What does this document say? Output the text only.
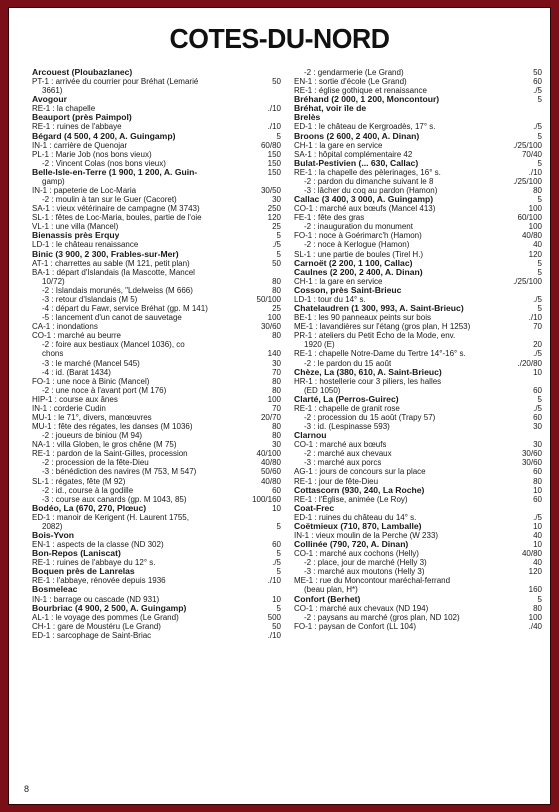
COTES-DU-NORD
Arcouest (Ploubazlanec)
PT-1 : arrivée du courrier pour Bréhat (Lemarié	50
3661)
Avogour
RE-1 : la chapelle	./10
Beauport (près Paimpol)
RE-1 : ruines de l'abbaye	./10
Bégard (4 500, 4 200, A. Guingamp)	5
IN-1 : carrière de Quenojar	60/80
PL-1 : Marie Job (nos bons vieux)	150
-2 : Vincent Colas (nos bons vieux)	150
Belle-Isle-en-Terre (1 900, 1 200, A. Guin-	150
gamp)
IN-1 : papeterie de Loc-Maria	30/50
-2 : moulin à tan sur le Guer (Cacoret)	30
SA-1 : vieux vétérinaire de campagne (M 3743)	250
SL-1 : fêtes de Loc-Maria, boules, partie de l'oie	120
VL-1 : une villa (Mancel)	25
Bienassis près Erquy	5
LD-1 : le château renaissance	./5
Binic (3 900, 2 300, Frables-sur-Mer)	5
AT-1 : charrettes au sable (M 121, petit plan)	50
BA-1 : départ d'Islandais (la Mascotte, Mancel
10/72)	80
-2 : Islandais morunés, "Ldelweiss (M 666)	80
-3 : retour d'Islandais (M 5)	50/100
-4 : départ du Fawr, service Bréhat (gp. M 141)	25
-5 : lancement d'un canot de sauvetage	100
CA-1 : inondations	30/60
CO-1 : marché au beurre	80
-2 : foire aux bestiaux (Mancel 1036), co
chons	140
-3 : le marché (Mancel 545)	30
-4 : id. (Barat 1434)	70
FO-1 : une noce à Binic (Mancel)	80
-2 : une noce à l'avant port (M 176)	80
HIP-1 : course aux ânes	100
IN-1 : corderie Cudin	70
MU-1 : le 71°, divers, manœuvres	20/70
MU-1 : fête des régates, les danses (M 1036)	80
-2 : joueurs de biniou (M 94)	80
NA-1 : villa Globen, le gros chêne (M 75)	30
RE-1 : pardon de la Saint-Gilles, procession	40/100
-2 : procession de la fête-Dieu	40/80
-3 : bénédiction des navires (M 753, M 547)	50/60
SL-1 : régates, fête (M 92)	40/80
-2 : id., course à la godille	60
-3 : course aux canards (gp. M 1043, 85)	100/160
Bodéo, La (670, 270, Plœuc)	10
ED-1 : manoir de Kerigent (H. Laurent 1755,
2082)	5
Bois-Yvon
EN-1 : aspects de la classe (ND 302)	60
Bon-Repos (Laniscat)	5
RE-1 : ruines de l'abbaye du 12° s.	./5
Boquen près de Lanrelas	5
RE-1 : l'abbaye, rénovée depuis 1936	./10
Bosmeleac
IN-1 : barrage ou cascade (ND 931)	10
Bourbriac (4 900, 2 500, A. Guingamp)	5
AL-1 : le voyage des pommes (Le Grand)	500
CH-1 : gare de Moustéru (Le Grand)	50
ED-1 : sarcophage de Saint-Briac	./10
-2 : gendarmerie (Le Grand)	50
EN-1 : sortie d'école (Le Grand)	60
RE-1 : église gothique et renaissance	./5
Bréhand (2 000, 1 200, Moncontour)	5
Bréhat, voir île de
Brelès
ED-1 : le château de Kergroadès, 17° s.	./5
Broons (2 600, 2 400, A. Dinan)	5
CH-1 : la gare en service	./25/100
SA-1 : hôpital complémentaire 42	70/40
Bulat-Pestivien (... 630, Callac)	5
RE-1 : la chapelle des pèlerinages, 16° s.	./10
-2 : pardon du dimanche suivant le 8	./25/100
-3 : lâcher du coq au pardon (Hamon)	80
Callac (3 400, 3 000, A. Guingamp)	5
CO-1 : marché aux bœufs (Mancel 413)	100
FE-1 : fête des gras	60/100
-2 : inauguration du monument	100
FO-1 : noce à Goérimarc'h (Hamon)	40/80
-2 : noce à Kerlogue (Hamon)	40
SL-1 : une partie de boules (Tirel H.)	120
Carnoët (2 200, 1 100, Callac)	5
Caulnes (2 200, 2 400, A. Dinan)	5
CH-1 : la gare en service	./25/100
Cosson, près Saint-Brieuc
LD-1 : tour du 14° s.	./5
Chatelaudren (1 300, 993, A. Saint-Brieuc)	5
BE-1 : les 90 panneaux peints sur bois	./10
ME-1 : lavandières sur l'étang (gros plan, H 1253)	70
PR-1 : ateliers du Petit Écho de la Mode, env.
1920 (E)	20
RE-1 : chapelle Notre-Dame du Tertre 14°-16° s.	./5
-2 : le pardon du 15 août	./20/80
Chèze, La (380, 610, A. Saint-Brieuc)	10
HR-1 : hostellerie cour 3 piliers, les halles
(ED 1050)	60
Clarté, La (Perros-Guirec)	5
RE-1 : chapelle de granit rose	./5
-2 : procession du 15 août (Trapy 57)	60
-3 : id. (Lespinasse 593)	30
Clarnou
CO-1 : marché aux bœufs	30
-2 : marché aux chevaux	30/60
-3 : marché aux porcs	30/60
AG-1 : jours de concours sur la place	60
RE-1 : jour de fête-Dieu	80
Cottascorn (930, 240, La Roche)	10
RE-1 : l'Église, animée (Le Roy)	60
Coat-Frec
ED-1 : ruines du château du 14° s.	./5
Coëtmieux (710, 870, Lamballe)	10
IN-1 : vieux moulin de la Perche (W 233)	40
Collinée (790, 720, A. Dinan)	10
CO-1 : marché aux cochons (Helly)	40/80
-2 : place, jour de marché (Helly 3)	40
-3 : marché aux moutons (Helly 3)	120
ME-1 : rue du Moncontour maréchal-ferrand
(beau plan, H*)	160
Confort (Berhet)	5
CO-1 : marché aux chevaux (ND 194)	80
-2 : paysans au marché (gros plan, ND 102)	100
FO-1 : paysan de Confort (LL 104)	./40
8
